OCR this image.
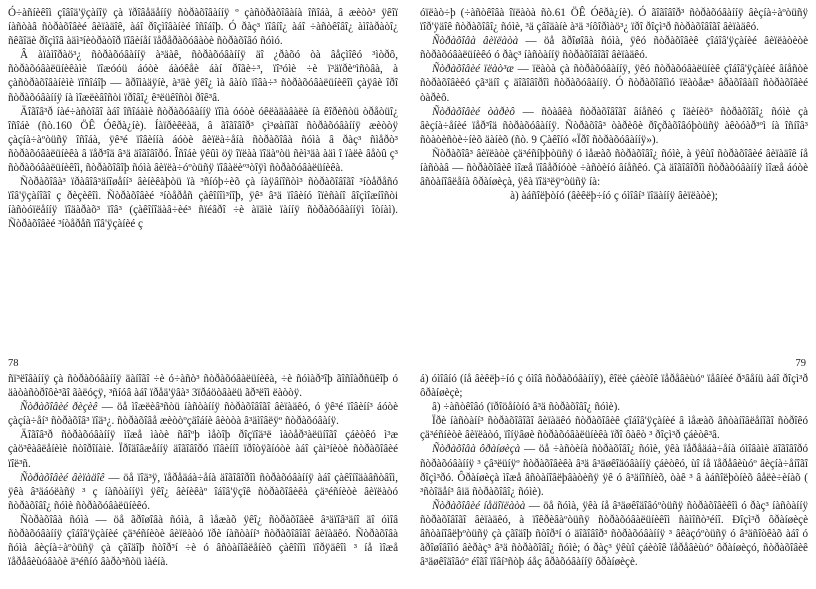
Ó÷àñíèêîì çîâîä'ÿçàíîÿ çà ïðîâåäåííÿ ñòðàõîâàííÿ º çàñòðàõîâàíà îñîáà, â æèòò³ ÿêîï íàñòàâ ñòðàõîâèé âèïàäîê, àáî ðîçìîâàíèé îñîáîþ. Ó ðàç³ ïîâíî¿ àáî ÷àñòêîâî¿ àìîàðàòî¿ ñêãîäè ðîçìîâ àäì³íèòðàòîð ïîâèíåí ïåðåðàõóâàòè ñòðàõîâó ñóìó.

Â àïàìîðàö³¿ ñòðàõóâàííÿ à³äàê, ñòðàõóâàííÿ äî ¿ðàõó òà âåçìîêó ³ìòðô, ñòðàõóâàëüíèêàìè ïîæóóü áóòè áàóêåè áàí ðîãè÷³, ïî³óìè ÷è ï³äïðèºìñòâà, à çàñòðàõîâàíèìè ïîñîáîþ — ãðîìàäÿíè, à³äè ÿêî¿ ìà âàíò ïîâà÷³ ñòðàõóâàëüíèêîì çàÿâè îðî ñòðàõóâàííÿ íà ìîæëèâîñòi ïðîâî¿ ê³ëüêîñòi ðîê³â.

Äîãîâ³ð íàé÷àñòîâî àáî îñîáàìè ñòðàõóâàííÿ ïîìà óóòè óêëàäàâàëè íà êîðèñòü òðåòüî¿ îñîáè (ñò.160 ÖÊ Óêðà¿íè). Íàïðèêëàä, â ãîãîâîð³ çì³øàíîãî ñòðàõóâàííÿ æèòòÿ çàçíà÷àºòüñÿ îñîáà, ÿê³é ïîâèííà áóòè âèïëà÷åíà ñòðàõîâà ñóìà â ðàç³ ñìåðò³ ñòðàõóâàëüíèêà â ïåð³îä â³ä äîãîâîðó. Îñîáè ÿêûì öÿ îïëàà ïîäàºòü ñèì³äà àäì î ïàëè âåòû ç³ ñòðàõóâàëüíèêîì, ñòðàõîâîþ ñóìà âèïëà÷óºòüñÿ ïîâàëèº³òîÿì ñòðàõóâàëüíèêà.

Ñòðàõîâà³ ïðàâîâ³äíîøåíí³ âèíèêàþòü ïà ³ñíóþ÷èõ çà íàÿâíîñòì³ ñòðàõîâîãî ³íòåðåñó ïîâ'ÿçàíîãî ç ðèçèêîì. Ñòðàõîâèé ³íòåðåñ çàêîíîì³íîþ, ÿê³ â³ä ïîâèíó îïèñàíî âîçìîæíîñòi íàñòóïëåííÿ ïîäàðàõ³ ïîâ³ (çàêîíîäàâ÷èé³ ñïéâðî ÷è àïäìè ïàííÿ ñòðàõóâàííÿì îòíàì). Ñòðàõîâèé ³íòåðåñ ïîâ'ÿçàíèé ç

78

ñï³ëîâàííÿ çà ñòðàõóâàííÿ äàíîãî ÷è ó÷àñò³ ñòðàõóâàëüíèêà, ÷è ñóìàð³îþ ãîñîàðñüêîþ ó äàòàñòðîôè³ãî ãàëóçÿ, ³ñíóâ àáî ïðåä'ÿâà³ 3ïðáöòâàëü ãð³ëîì ëàòòÿ.

Ñòðàõîâèé ðèçèê — öå ìîæëèâ³ñòü íàñòàííÿ ñòðàõîâîãî âèïàäêó, ó ÿê³é ïîâèíí³ áóòè çàçíà÷åí³ ñòðàõîâ³ ïîä³¿. ñòðàõîâå æèòòºçäîáíè âèòòà â³äìîâëÿº ñòðàõóâàíÿ.

Äîãîâ³ð ñòðàõóâàííÿ ìîæå ìàòè ñâîºþ ìåòîþ ðîçïîä³ë ìàòåð³àëüíîãî çáèòêó ì³æ çàö³êàâëåíèìè ñòîðîíàìè. Ïðîäîâæåííÿ äîãîâîðó ïîâèííî ïðîòÿãíóòè àáî çàì³íèòè ñòðàõîâèé ïîë³ñ.

Ñòðàõîâèé âèïàäîê — öå ïîä³ÿ, ïåðåäáà÷åíà äîãîâîðîì ñòðàõóâàííÿ àáî çàêîíîäàâñòâîì, ÿêà â³äáóëàñÿ ³ ç íàñòàííÿì ÿêî¿ âèíèêàº îáîâ'ÿçîê ñòðàõîâèêà çä³éñíèòè âèïëàòó ñòðàõîâî¿ ñóìè ñòðàõóâàëüíèêó.

Ñòðàõîâà ñóìà — öå ãðîøîâà ñóìà, â ìåæàõ ÿêî¿ ñòðàõîâèê â³äïîâ³äíî äî óìîâ ñòðàõóâàííÿ çîáîâ'ÿçàíèé çä³éñíèòè âèïëàòó ïðè íàñòàíí³ ñòðàõîâîãî âèïàäêó. Ñòðàõîâà ñóìà âèçíà÷àºòüñÿ çà çãîäîþ ñòîð³í ÷è ó âñòàíîâëåíèõ çàêîíîì ïîðÿäêîì ³ íå ìîæå ïåðåâèùóâàòè ä³éñíó âàðò³ñòü ìàéíà.

óïëàò÷þ (÷àñòêîâà îïëàòà ñò.61 ÖÊ Óêðà¿íè). Ó ãîãîâîð³ ñòðàõóâàííÿ âèçíà÷àºòüñÿ ïîð'ÿäîê ñòðàõîâî¿ ñóìè, ³ä çâîäàíè à³ä ³íôîðìàö³¿ ïðî ðîçì³ð ñòðàõîâîãî âèïàäêó.

Ñòðàõîâà âèïëàòà — öå ãðîøîâà ñóìà, ÿêó ñòðàõîâèê çîáîâ'ÿçàíèé âèïëàòèòè ñòðàõóâàëüíèêó ó ðàç³ íàñòàííÿ ñòðàõîâîãî âèïàäêó.

Ñòðàõîâèé ïëàò³æ — ïëàòà çà ñòðàõóâàííÿ, ÿêó ñòðàõóâàëüíèê çîáîâ'ÿçàíèé âíåñòè ñòðàõîâèêó çã³äíî ç äîãîâîðîì ñòðàõóâàííÿ. Ó ñòðàõîâîìó ïëàòåæ³ âðàõîâàíî ñòðàõîâèé òàðèô.

Ñòðàõîâèé òàðèô — ñòàâêà ñòðàõîâîãî âíåñêó ç îäèíèö³ ñòðàõîâî¿ ñóìè çà âèçíà÷åíèé ïåð³îä ñòðàõóâàííÿ. Ñòðàõîâ³ òàðèôè ðîçðàõîâóþòüñÿ àêòóàð³ºì íà îñíîâ³ ñòàòèñòè÷íèõ äàíèõ (ñò. 9 Çàêîíó «Ïðî ñòðàõóâàííÿ»).

Ñòðàõîâ³ âèïëàòè çä³éñíþþòüñÿ ó ìåæàõ ñòðàõîâî¿ ñóìè, à ÿêùî ñòðàõîâèé âèïàäîê íå íàñòàâ — ñòðàõîâèê ìîæå ïîâåðíóòè ÷àñòèíó âíåñêó. Çà äîãîâîðîì ñòðàõóâàííÿ ìîæå áóòè âñòàíîâëåíà ôðàíøèçà, ÿêà ïîä³ëÿºòüñÿ íà:

à) àáñîëþòíó (âèêëþ÷íó ç óìîâí³ ïîäàííÿ âèïëàòè);

79

á) óìîâíó (íå âèêëþ÷íó ç óìîâ ñòðàõóâàííÿ), êîëè çáèòîê ïåðåâèùóº ïåâíèé ð³âåíü àáî ðîçì³ð ôðàíøèçè;

â) ÷àñòêîâó (ïðîöåíòíó â³ä ñòðàõîâî¿ ñóìè).

Ïðè íàñòàíí³ ñòðàõîâîãî âèïàäêó ñòðàõîâèê çîáîâ'ÿçàíèé â ìåæàõ âñòàíîâëåíîãî ñòðîêó çä³éñíèòè âèïëàòó, ïîíÿâøè ñòðàõóâàëüíèêà ïðî ôàêò ³ ðîçì³ð çáèòê³â.

Ñòðàõîâà ôðàíøèçà — öå ÷àñòèíà ñòðàõîâî¿ ñóìè, ÿêà ïåðåäáà÷åíà óìîâàìè äîãîâîðó ñòðàõóâàííÿ ³ çâ³ëüíÿº ñòðàõîâèêà â³ä â³äøêîäóâàííÿ çáèòêó, ùî íå ïåðåâèùóº âèçíà÷åíîãî ðîçì³ðó. Ôðàíøèçà ìîæå âñòàíîâëþâàòèñÿ ÿê ó â³äíîñíèõ, òàê ³ â àáñîëþòíèõ âåëè÷èíàõ ( ³ñòîäåí³ âiä ñòðàõîâî¿ ñóìè).

Ñòðàõîâèé íåäîïëàòà — öå ñóìà, ÿêà íå â³äøêîäîâóºòüñÿ ñòðàõîâèêîì ó ðàç³ íàñòàííÿ ñòðàõîâîãî âèïàäêó, à ïîêðèâàºòüñÿ ñòðàõóâàëüíèêîì ñàìîñò³éíî. Ðîçì³ð ôðàíøèçè âñòàíîâëþºòüñÿ çà çãîäîþ ñòîð³í ó äîãîâîð³ ñòðàõóâàííÿ ³ âêàçóºòüñÿ ó â³äñîòêàõ àáî ó ãðîøîâîìó âèðàç³ â³ä ñòðàõîâî¿ ñóìè; ó ðàç³ ÿêùî çáèòîê ïåðåâèùóº ôðàíøèçó, ñòðàõîâèê â³äøêîäîâóº éîãî ïîâí³ñòþ áåç âðàõóâàííÿ ôðàíøèçè.
